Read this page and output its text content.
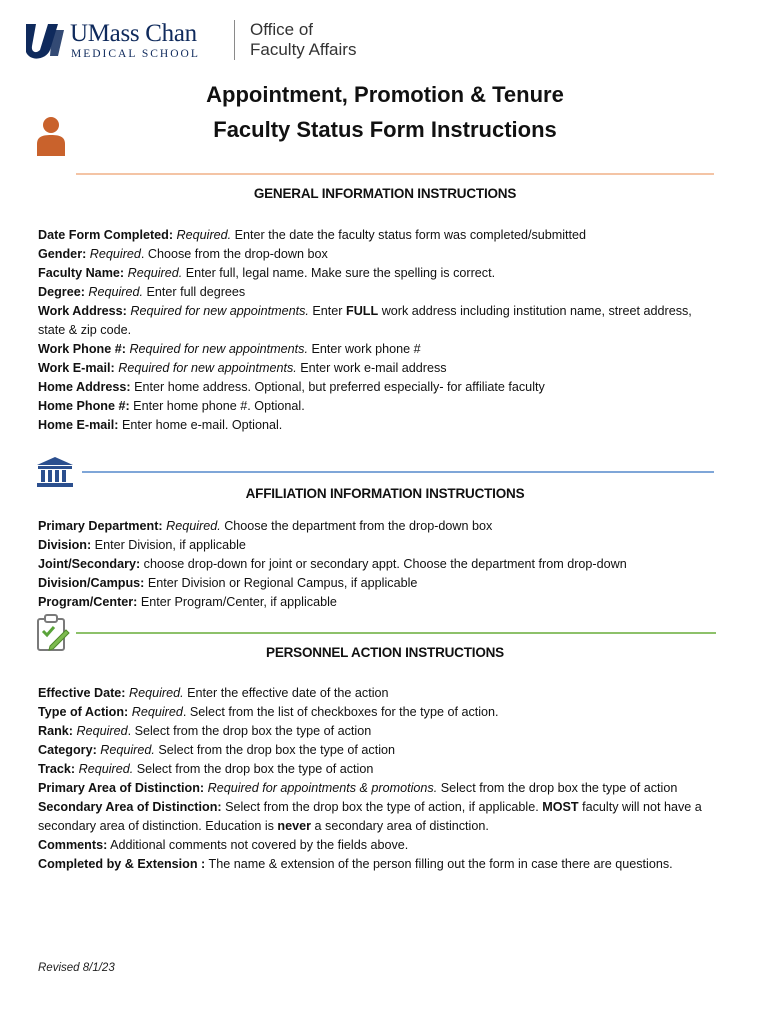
UMass Chan
MEDICAL SCHOOL
Office of
Faculty Affairs
Appointment, Promotion & Tenure
Faculty Status Form Instructions
GENERAL INFORMATION INSTRUCTIONS
Date Form Completed: Required. Enter the date the faculty status form was completed/submitted
Gender: Required. Choose from the drop-down box
Faculty Name: Required. Enter full, legal name. Make sure the spelling is correct.
Degree: Required. Enter full degrees
Work Address: Required for new appointments. Enter FULL work address including institution name, street address, state & zip code.
Work Phone #: Required for new appointments. Enter work phone #
Work E-mail: Required for new appointments. Enter work e-mail address
Home Address: Enter home address. Optional, but preferred especially- for affiliate faculty
Home Phone #: Enter home phone #. Optional.
Home E-mail: Enter home e-mail. Optional.
AFFILIATION INFORMATION INSTRUCTIONS
Primary Department: Required. Choose the department from the drop-down box
Division: Enter Division, if applicable
Joint/Secondary: choose drop-down for joint or secondary appt. Choose the department from drop-down
Division/Campus: Enter Division or Regional Campus, if applicable
Program/Center: Enter Program/Center, if applicable
PERSONNEL ACTION INSTRUCTIONS
Effective Date: Required. Enter the effective date of the action
Type of Action: Required. Select from the list of checkboxes for the type of action.
Rank: Required. Select from the drop box the type of action
Category: Required. Select from the drop box the type of action
Track: Required. Select from the drop box the type of action
Primary Area of Distinction: Required for appointments & promotions. Select from the drop box the type of action
Secondary Area of Distinction: Select from the drop box the type of action, if applicable. MOST faculty will not have a secondary area of distinction. Education is never a secondary area of distinction.
Comments: Additional comments not covered by the fields above.
Completed by & Extension : The name & extension of the person filling out the form in case there are questions.
Revised 8/1/23
